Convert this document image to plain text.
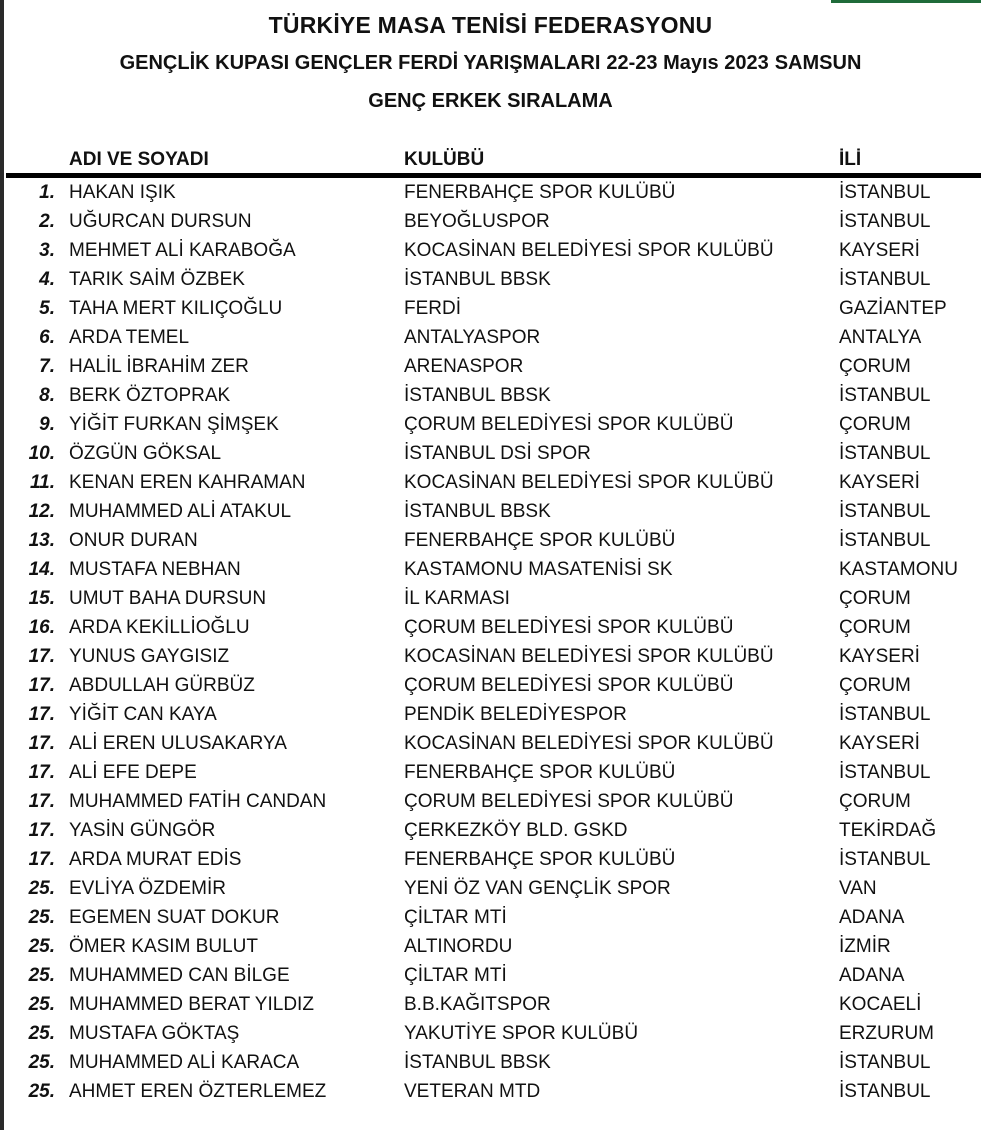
TÜRKİYE MASA TENİSİ FEDERASYONU
GENÇLİK KUPASI GENÇLER FERDİ YARIŞMALARI 22-23 Mayıs 2023 SAMSUN
GENÇ ERKEK SIRALAMA
ADI VE SOYADI	KULÜBÜ	İLİ
1. HAKAN IŞIK	FENERBAHÇE SPOR KULÜBÜ	İSTANBUL
2. UĞURCAN DURSUN	BEYOĞLUSPOR	İSTANBUL
3. MEHMET ALİ KARABOĞA	KOCASİNAN BELEDİYESİ SPOR KULÜBÜ	KAYSERİ
4. TARIK SAİM ÖZBEK	İSTANBUL BBSK	İSTANBUL
5. TAHA MERT KILIÇOĞLU	FERDİ	GAZİANTEP
6. ARDA TEMEL	ANTALYASPOR	ANTALYA
7. HALİL İBRAHİM ZER	ARENASPOR	ÇORUM
8. BERK ÖZTOPRAK	İSTANBUL BBSK	İSTANBUL
9. YİĞİT FURKAN ŞİMŞEK	ÇORUM BELEDİYESİ SPOR KULÜBÜ	ÇORUM
10. ÖZGÜN GÖKSAL	İSTANBUL DSİ SPOR	İSTANBUL
11. KENAN EREN KAHRAMAN	KOCASİNAN BELEDİYESİ SPOR KULÜBÜ	KAYSERİ
12. MUHAMMED ALİ ATAKUL	İSTANBUL BBSK	İSTANBUL
13. ONUR DURAN	FENERBAHÇE SPOR KULÜBÜ	İSTANBUL
14. MUSTAFA NEBHAN	KASTAMONU MASATENİSİ SK	KASTAMONU
15. UMUT BAHA DURSUN	İL KARMASI	ÇORUM
16. ARDA KEKİLLİOĞLU	ÇORUM BELEDİYESİ SPOR KULÜBÜ	ÇORUM
17. YUNUS GAYGISIZ	KOCASİNAN BELEDİYESİ SPOR KULÜBÜ	KAYSERİ
17. ABDULLAH GÜRBÜZ	ÇORUM BELEDİYESİ SPOR KULÜBÜ	ÇORUM
17. YİĞİT CAN KAYA	PENDİK BELEDİYESPOR	İSTANBUL
17. ALİ EREN ULUSAKARYA	KOCASİNAN BELEDİYESİ SPOR KULÜBÜ	KAYSERİ
17. ALİ EFE DEPE	FENERBAHÇE SPOR KULÜBÜ	İSTANBUL
17. MUHAMMED FATİH CANDAN	ÇORUM BELEDİYESİ SPOR KULÜBÜ	ÇORUM
17. YASİN GÜNGÖR	ÇERKEZKÖY BLD. GSKD	TEKİRDAĞ
17. ARDA MURAT EDİS	FENERBAHÇE SPOR KULÜBÜ	İSTANBUL
25. EVLİYA ÖZDEMİR	YENİ ÖZ VAN GENÇLİK SPOR	VAN
25. EGEMEN SUAT DOKUR	ÇİLTAR MTİ	ADANA
25. ÖMER KASIM BULUT	ALTINORDU	İZMİR
25. MUHAMMED CAN BİLGE	ÇİLTAR MTİ	ADANA
25. MUHAMMED BERAT YILDIZ	B.B.KAĞITSPOR	KOCAELİ
25. MUSTAFA GÖKTAŞ	YAKUTİYE SPOR KULÜBÜ	ERZURUM
25. MUHAMMED ALİ KARACA	İSTANBUL BBSK	İSTANBUL
25. AHMET EREN ÖZTERLEMEZ	VETERAN MTD	İSTANBUL
